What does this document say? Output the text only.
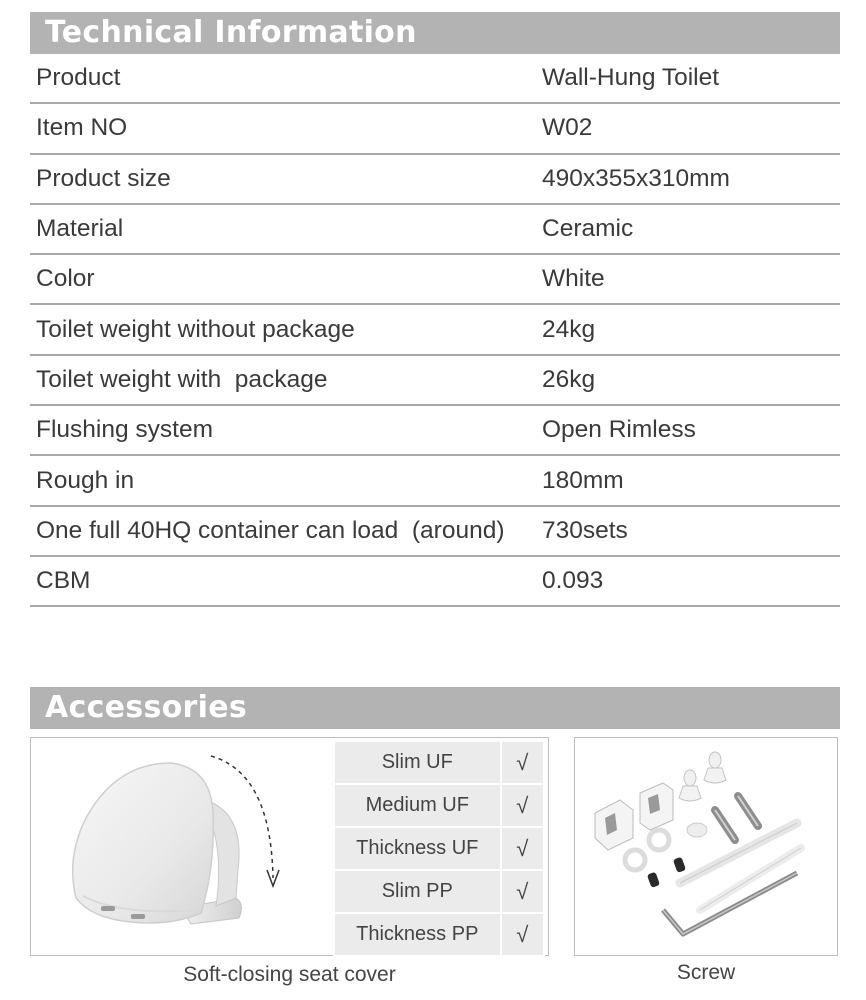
Technical Information
Product	Wall-Hung Toilet
Item NO	W02
Product size	490x355x310mm
Material	Ceramic
Color	White
Toilet weight without package	24kg
Toilet weight with  package	26kg
Flushing system	Open Rimless
Rough in	180mm
One full 40HQ container can load  (around)	730sets
CBM	0.093
Accessories
Slim UF	√
Medium UF	√
Thickness UF	√
Slim PP	√
Thickness PP	√
Soft-closing seat cover	Screw
